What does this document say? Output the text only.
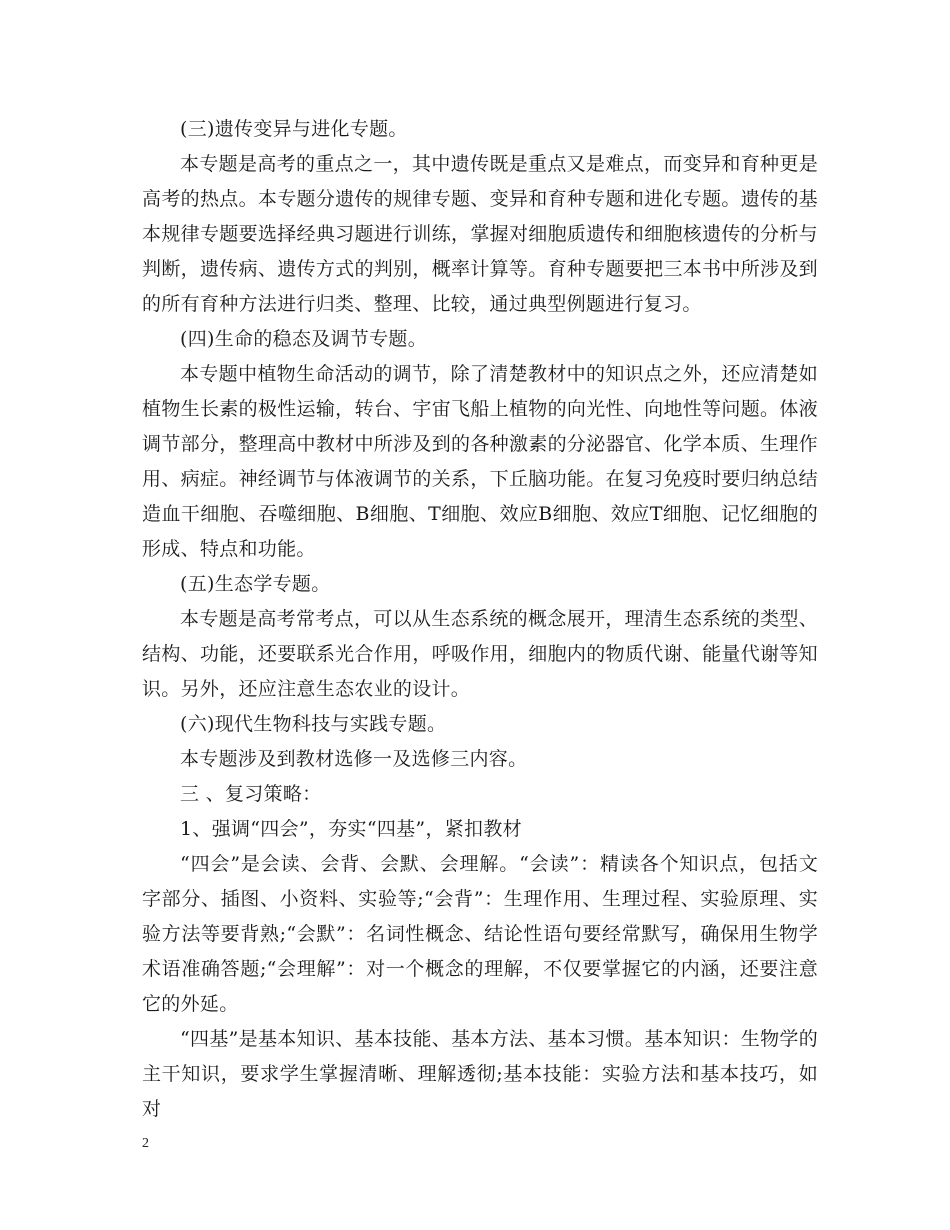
(三)遗传变异与进化专题。

本专题是高考的重点之一，其中遗传既是重点又是难点，而变异和育种更是高考的热点。本专题分遗传的规律专题、变异和育种专题和进化专题。遗传的基本规律专题要选择经典习题进行训练，掌握对细胞质遗传和细胞核遗传的分析与判断，遗传病、遗传方式的判别，概率计算等。育种专题要把三本书中所涉及到的所有育种方法进行归类、整理、比较，通过典型例题进行复习。

(四)生命的稳态及调节专题。

本专题中植物生命活动的调节，除了清楚教材中的知识点之外，还应清楚如植物生长素的极性运输，转台、宇宙飞船上植物的向光性、向地性等问题。体液调节部分，整理高中教材中所涉及到的各种激素的分泌器官、化学本质、生理作用、病症。神经调节与体液调节的关系，下丘脑功能。在复习免疫时要归纳总结造血干细胞、吞噬细胞、B细胞、T细胞、效应B细胞、效应T细胞、记忆细胞的形成、特点和功能。

(五)生态学专题。

本专题是高考常考点，可以从生态系统的概念展开，理清生态系统的类型、结构、功能，还要联系光合作用，呼吸作用，细胞内的物质代谢、能量代谢等知识。另外，还应注意生态农业的设计。

(六)现代生物科技与实践专题。

本专题涉及到教材选修一及选修三内容。

三 、复习策略：

1、强调“四会”，夯实“四基”，紧扣教材

“四会”是会读、会背、会默、会理解。“会读”：精读各个知识点，包括文字部分、插图、小资料、实验等;“会背”：生理作用、生理过程、实验原理、实验方法等要背熟;“会默”：名词性概念、结论性语句要经常默写，确保用生物学术语准确答题;“会理解”：对一个概念的理解，不仅要掌握它的内涵，还要注意它的外延。

“四基”是基本知识、基本技能、基本方法、基本习惯。基本知识：生物学的主干知识，要求学生掌握清晰、理解透彻;基本技能：实验方法和基本技巧，如对

2
